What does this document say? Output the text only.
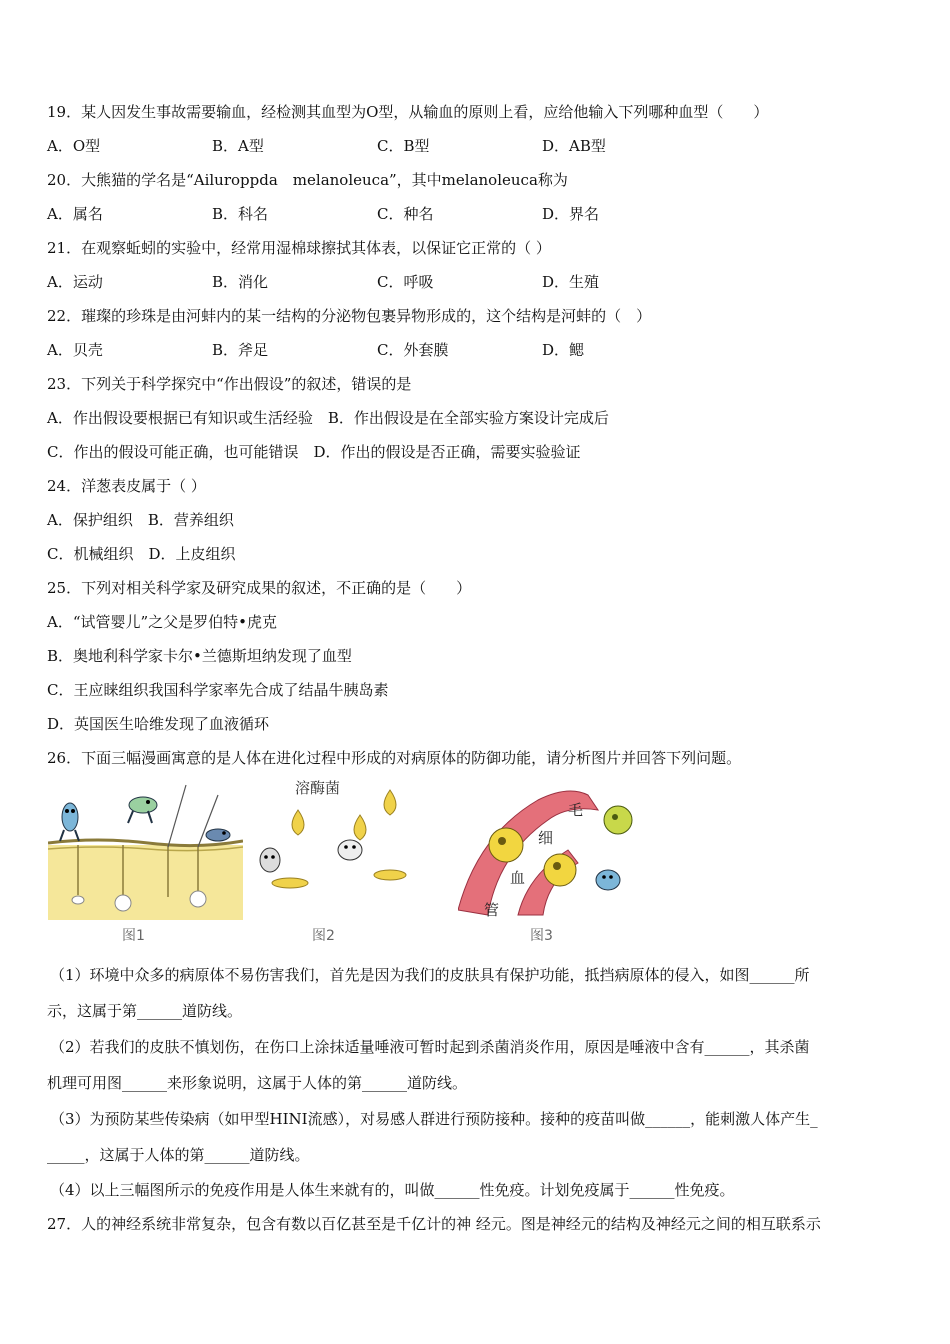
19．某人因发生事故需要输血，经检测其血型为O型，从输血的原则上看，应给他输入下列哪种血型（　　）
A．O型	B．A型	C．B型	D．AB型
20．大熊猫的学名是“Ailuroppda　melanoleuca”，其中melanoleuca称为
A．属名	B．科名	C．种名	D．界名
21．在观察蚯蚓的实验中，经常用湿棉球擦拭其体表，以保证它正常的（ ）
A．运动	B．消化	C．呼吸	D．生殖
22．璀璨的珍珠是由河蚌内的某一结构的分泌物包裹异物形成的，这个结构是河蚌的（　）
A．贝壳	B．斧足	C．外套膜	D．鳃
23．下列关于科学探究中“作出假设”的叙述，错误的是
A．作出假设要根据已有知识或生活经验　B．作出假设是在全部实验方案设计完成后
C．作出的假设可能正确，也可能错误　D．作出的假设是否正确，需要实验验证
24．洋葱表皮属于（ ）
A．保护组织　B．营养组织
C．机械组织　D．上皮组织
25．下列对相关科学家及研究成果的叙述，不正确的是（　　）
A．“试管婴儿”之父是罗伯特•虎克
B．奥地利科学家卡尔•兰德斯坦纳发现了血型
C．王应睐组织我国科学家率先合成了结晶牛胰岛素
D．英国医生哈维发现了血液循环
26．下面三幅漫画寓意的是人体在进化过程中形成的对病原体的防御功能，请分析图片并回答下列问题。
图1
溶酶菌
图2
毛
细
血
管
图3
（1）环境中众多的病原体不易伤害我们，首先是因为我们的皮肤具有保护功能，抵挡病原体的侵入，如图______所
示，这属于第______道防线。
（2）若我们的皮肤不慎划伤，在伤口上涂抹适量唾液可暂时起到杀菌消炎作用，原因是唾液中含有______，其杀菌
机理可用图______来形象说明，这属于人体的第______道防线。
（3）为预防某些传染病（如甲型HINI流感），对易感人群进行预防接种。接种的疫苗叫做______，能刺激人体产生_
_____，这属于人体的第______道防线。
（4）以上三幅图所示的免疫作用是人体生来就有的，叫做______性免疫。计划免疫属于______性免疫。
27．人的神经系统非常复杂，包含有数以百亿甚至是千亿计的神 经元。图是神经元的结构及神经元之间的相互联系示
